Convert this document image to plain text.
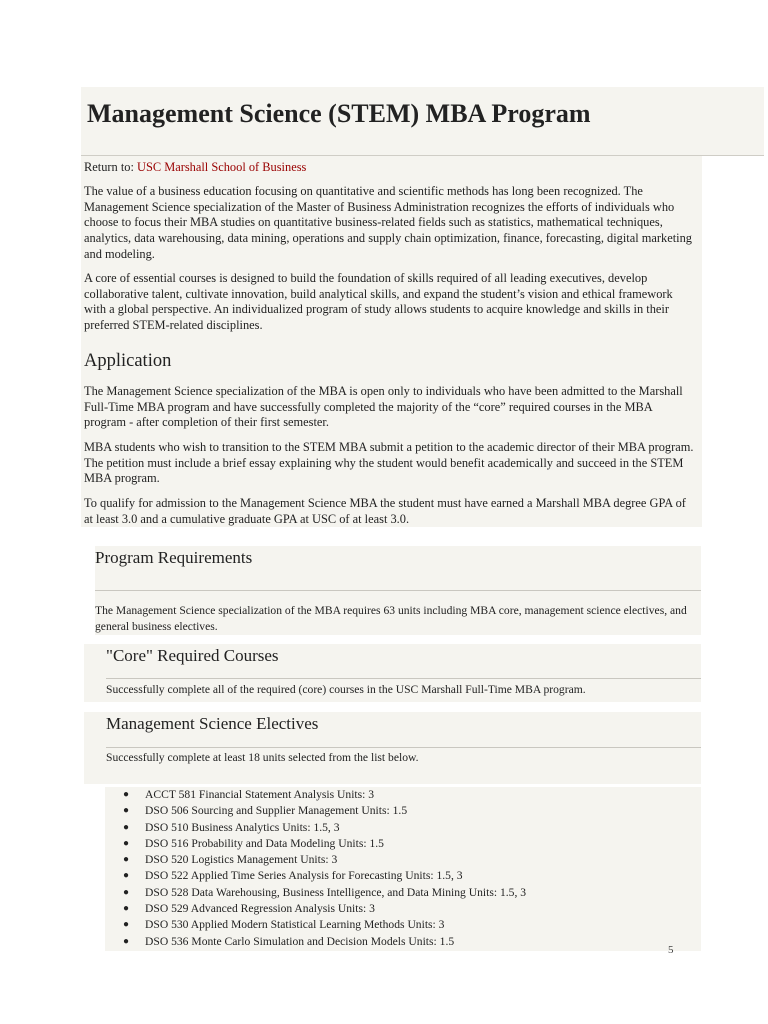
Management Science (STEM) MBA Program

Return to: USC Marshall School of Business

The value of a business education focusing on quantitative and scientific methods has long been recognized. The Management Science specialization of the Master of Business Administration recognizes the efforts of individuals who choose to focus their MBA studies on quantitative business-related fields such as statistics, mathematical techniques, analytics, data warehousing, data mining, operations and supply chain optimization, finance, forecasting, digital marketing and modeling.

A core of essential courses is designed to build the foundation of skills required of all leading executives, develop collaborative talent, cultivate innovation, build analytical skills, and expand the student’s vision and ethical framework with a global perspective. An individualized program of study allows students to acquire knowledge and skills in their preferred STEM-related disciplines.

Application

The Management Science specialization of the MBA is open only to individuals who have been admitted to the Marshall Full-Time MBA program and have successfully completed the majority of the “core” required courses in the MBA program - after completion of their first semester.

MBA students who wish to transition to the STEM MBA submit a petition to the academic director of their MBA program. The petition must include a brief essay explaining why the student would benefit academically and succeed in the STEM MBA program.

To qualify for admission to the Management Science MBA the student must have earned a Marshall MBA degree GPA of at least 3.0 and a cumulative graduate GPA at USC of at least 3.0.

Program Requirements

The Management Science specialization of the MBA requires 63 units including MBA core, management science electives, and general business electives.

"Core" Required Courses

Successfully complete all of the required (core) courses in the USC Marshall Full-Time MBA program.

Management Science Electives

Successfully complete at least 18 units selected from the list below.

● ACCT 581 Financial Statement Analysis Units: 3
● DSO 506 Sourcing and Supplier Management Units: 1.5
● DSO 510 Business Analytics Units: 1.5, 3
● DSO 516 Probability and Data Modeling Units: 1.5
● DSO 520 Logistics Management Units: 3
● DSO 522 Applied Time Series Analysis for Forecasting Units: 1.5, 3
● DSO 528 Data Warehousing, Business Intelligence, and Data Mining Units: 1.5, 3
● DSO 529 Advanced Regression Analysis Units: 3
● DSO 530 Applied Modern Statistical Learning Methods Units: 3
● DSO 536 Monte Carlo Simulation and Decision Models Units: 1.5
5
